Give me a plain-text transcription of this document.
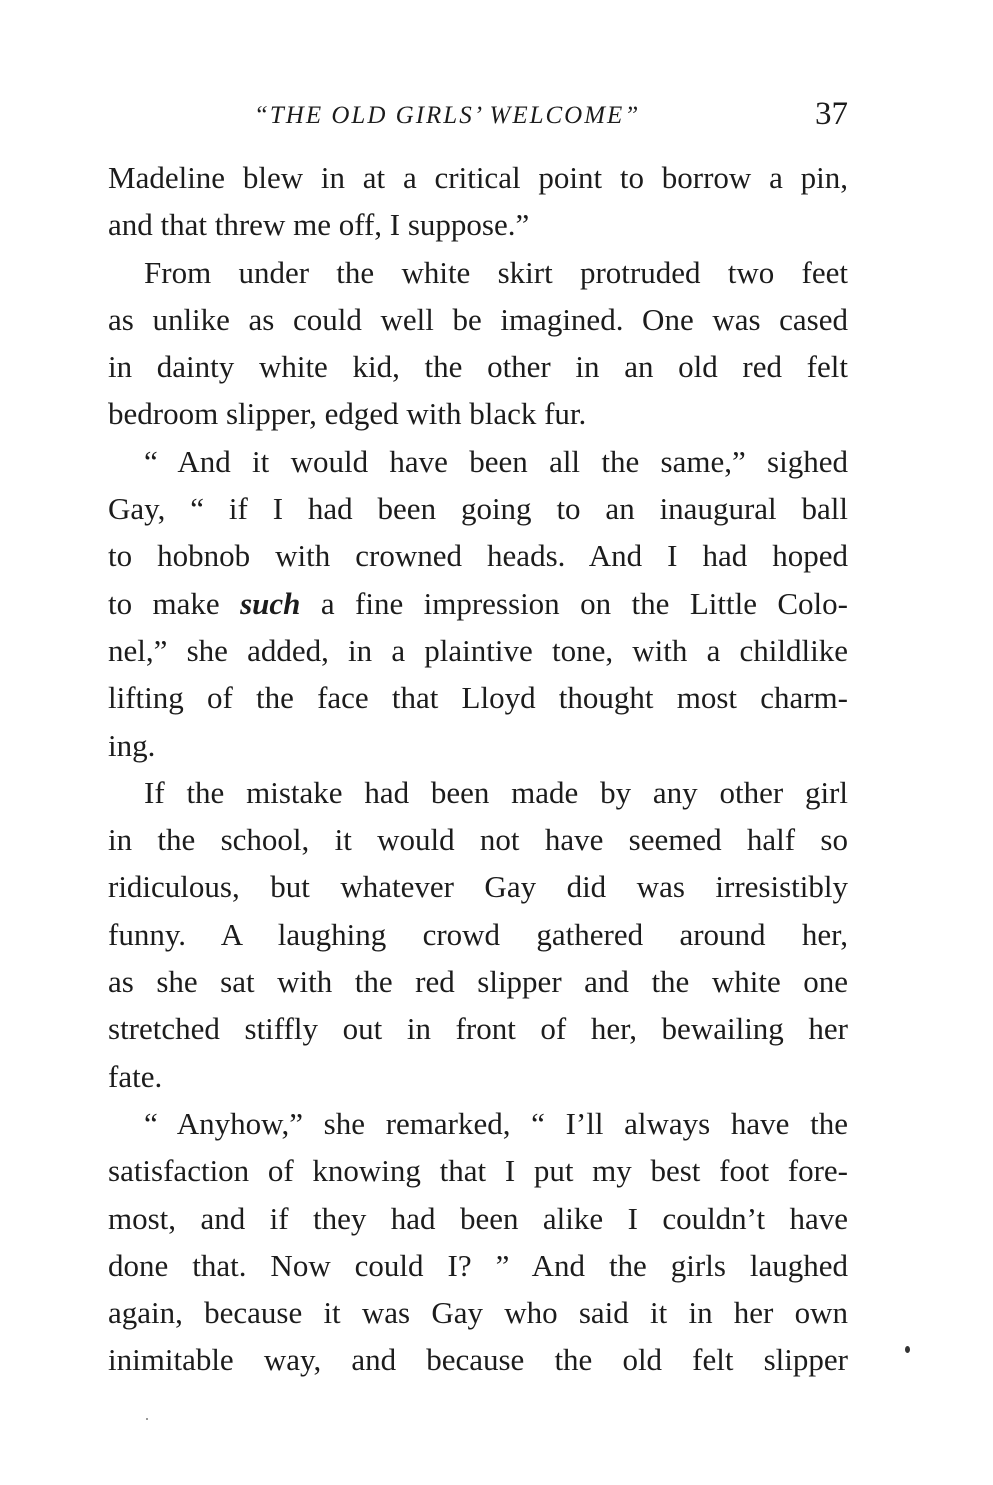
“THE OLD GIRLS’ WELCOME”	37
Madeline blew in at a critical point to borrow a pin,
and that threw me off, I suppose.”
From under the white skirt protruded two feet
as unlike as could well be imagined. One was cased
in dainty white kid, the other in an old red felt
bedroom slipper, edged with black fur.
“ And it would have been all the same,” sighed
Gay, “ if I had been going to an inaugural ball
to hobnob with crowned heads. And I had hoped
to make such a fine impression on the Little Colo-
nel,” she added, in a plaintive tone, with a childlike
lifting of the face that Lloyd thought most charm-
ing.
If the mistake had been made by any other girl
in the school, it would not have seemed half so
ridiculous, but whatever Gay did was irresistibly
funny. A laughing crowd gathered around her,
as she sat with the red slipper and the white one
stretched stiffly out in front of her, bewailing her
fate.
“ Anyhow,” she remarked, “ I’ll always have the
satisfaction of knowing that I put my best foot fore-
most, and if they had been alike I couldn’t have
done that. Now could I? ” And the girls laughed
again, because it was Gay who said it in her own
inimitable way, and because the old felt slipper
